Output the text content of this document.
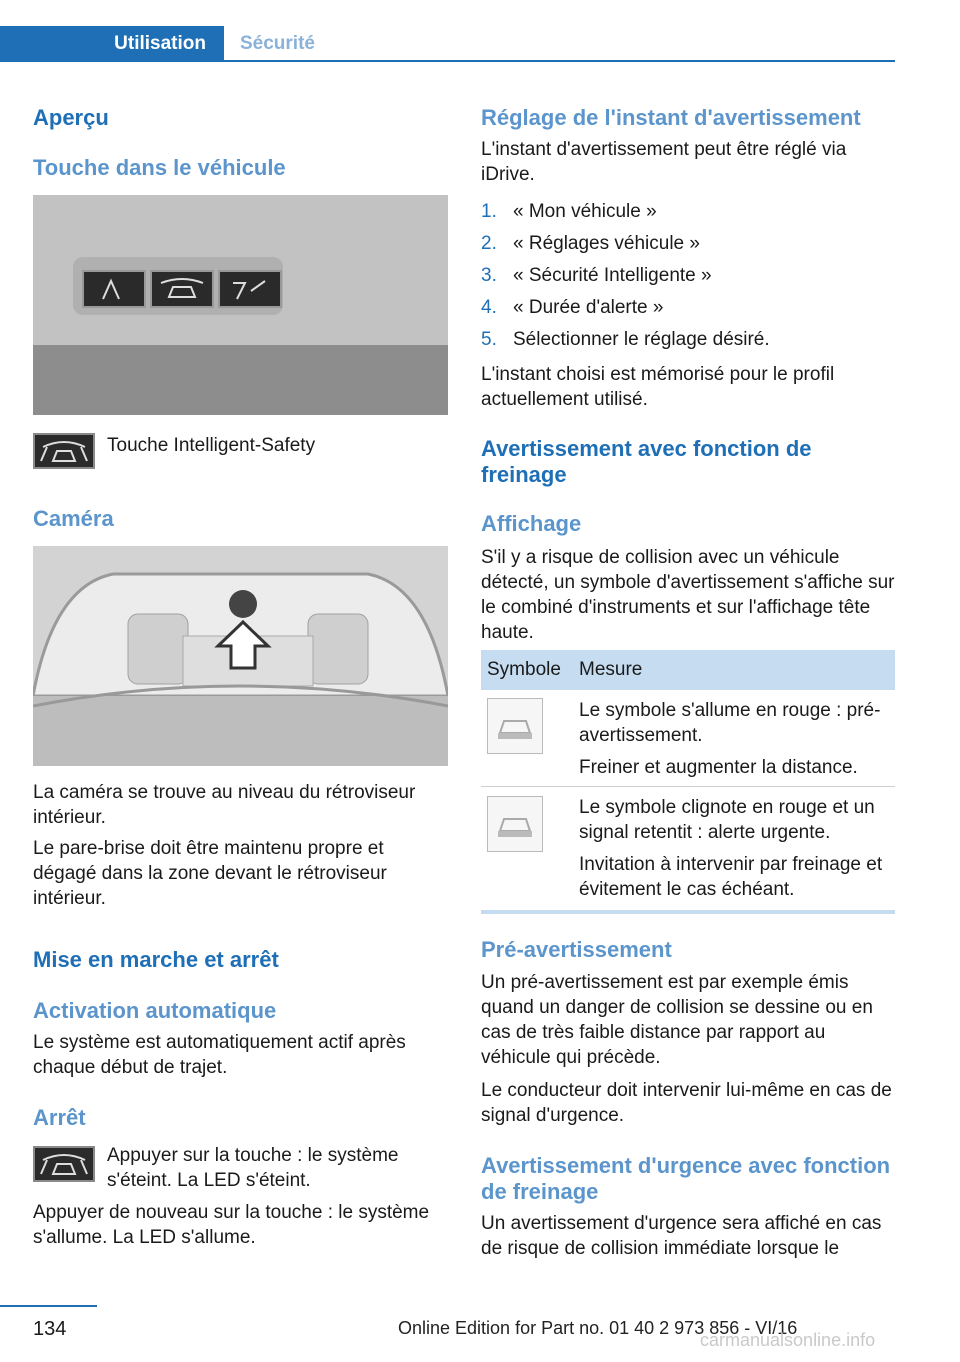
Utilisation	Sécurité
Aperçu
Touche dans le véhicule

Touche Intelligent-Safety

Caméra

La caméra se trouve au niveau du rétroviseur intérieur.

Le pare-brise doit être maintenu propre et dégagé dans la zone devant le rétroviseur intérieur.

Mise en marche et arrêt
Activation automatique

Le système est automatiquement actif après chaque début de trajet.

Arrêt

Appuyer sur la touche : le système s'éteint. La LED s'éteint.

Appuyer de nouveau sur la touche : le système s'allume. La LED s'allume.

Réglage de l'instant d'avertissement

L'instant d'avertissement peut être réglé via iDrive.

1. « Mon véhicule »
2. « Réglages véhicule »
3. « Sécurité Intelligente »
4. « Durée d'alerte »
5. Sélectionner le réglage désiré.

L'instant choisi est mémorisé pour le profil actuellement utilisé.

Avertissement avec fonction de freinage
Affichage

S'il y a risque de collision avec un véhicule détecté, un symbole d'avertissement s'affiche sur le combiné d'instruments et sur l'affichage tête haute.

Symbole Mesure

Le symbole s'allume en rouge : pré-avertissement.

Freiner et augmenter la distance.

Le symbole clignote en rouge et un signal retentit : alerte urgente.

Invitation à intervenir par freinage et évitement le cas échéant.

Pré-avertissement

Un pré-avertissement est par exemple émis quand un danger de collision se dessine ou en cas de très faible distance par rapport au véhicule qui précède.

Le conducteur doit intervenir lui-même en cas de signal d'urgence.

Avertissement d'urgence avec fonction de freinage

Un avertissement d'urgence sera affiché en cas de risque de collision immédiate lorsque le

134	Online Edition for Part no. 01 40 2 973 856 - VI/16
carmanualsonline.info
